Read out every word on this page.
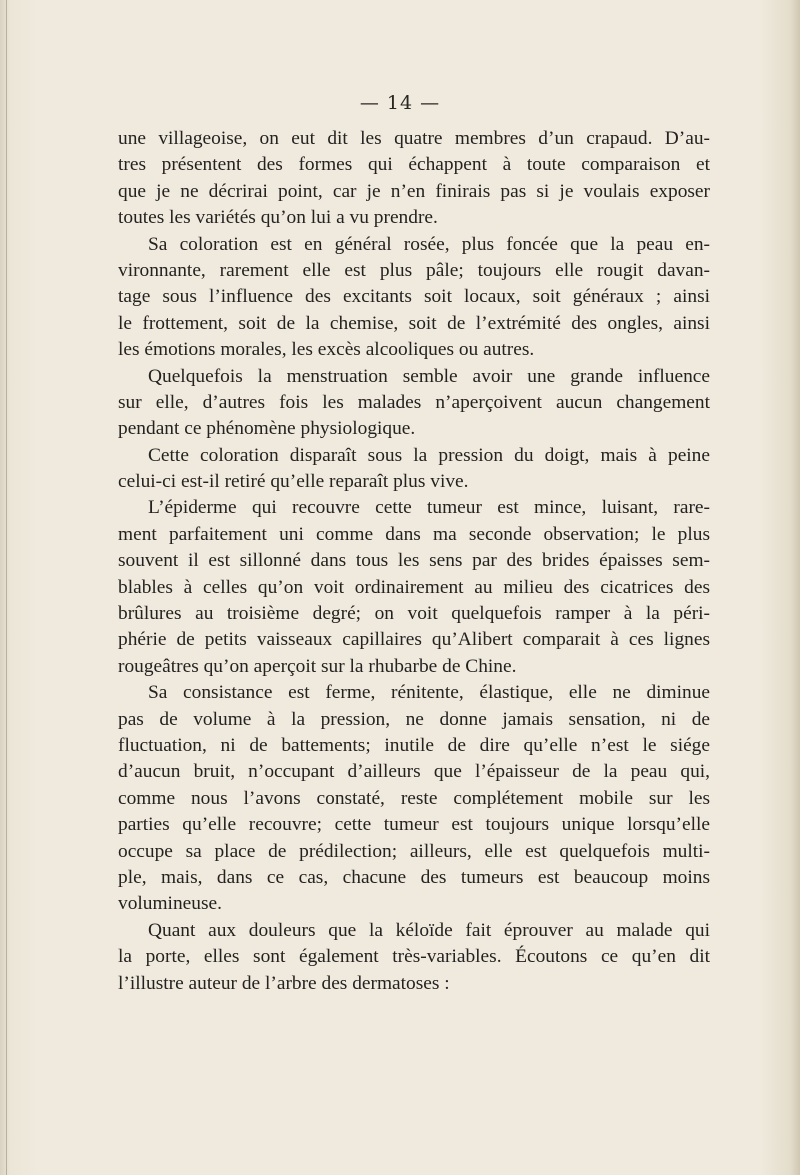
— 14 —
une villageoise, on eut dit les quatre membres d’un crapaud. D’au-
tres présentent des formes qui échappent à toute comparaison et
que je ne décrirai point, car je n’en finirais pas si je voulais exposer
toutes les variétés qu’on lui a vu prendre.
Sa coloration est en général rosée, plus foncée que la peau en-
vironnante, rarement elle est plus pâle; toujours elle rougit davan-
tage sous l’influence des excitants soit locaux, soit généraux ; ainsi
le frottement, soit de la chemise, soit de l’extrémité des ongles, ainsi
les émotions morales, les excès alcooliques ou autres.
Quelquefois la menstruation semble avoir une grande influence
sur elle, d’autres fois les malades n’aperçoivent aucun changement
pendant ce phénomène physiologique.
Cette coloration disparaît sous la pression du doigt, mais à peine
celui-ci est-il retiré qu’elle reparaît plus vive.
L’épiderme qui recouvre cette tumeur est mince, luisant, rare-
ment parfaitement uni comme dans ma seconde observation; le plus
souvent il est sillonné dans tous les sens par des brides épaisses sem-
blables à celles qu’on voit ordinairement au milieu des cicatrices des
brûlures au troisième degré; on voit quelquefois ramper à la péri-
phérie de petits vaisseaux capillaires qu’Alibert comparait à ces lignes
rougeâtres qu’on aperçoit sur la rhubarbe de Chine.
Sa consistance est ferme, rénitente, élastique, elle ne diminue
pas de volume à la pression, ne donne jamais sensation, ni de
fluctuation, ni de battements; inutile de dire qu’elle n’est le siége
d’aucun bruit, n’occupant d’ailleurs que l’épaisseur de la peau qui,
comme nous l’avons constaté, reste complétement mobile sur les
parties qu’elle recouvre; cette tumeur est toujours unique lorsqu’elle
occupe sa place de prédilection; ailleurs, elle est quelquefois multi-
ple, mais, dans ce cas, chacune des tumeurs est beaucoup moins
volumineuse.
Quant aux douleurs que la kéloïde fait éprouver au malade qui
la porte, elles sont également très-variables. Écoutons ce qu’en dit
l’illustre auteur de l’arbre des dermatoses :
